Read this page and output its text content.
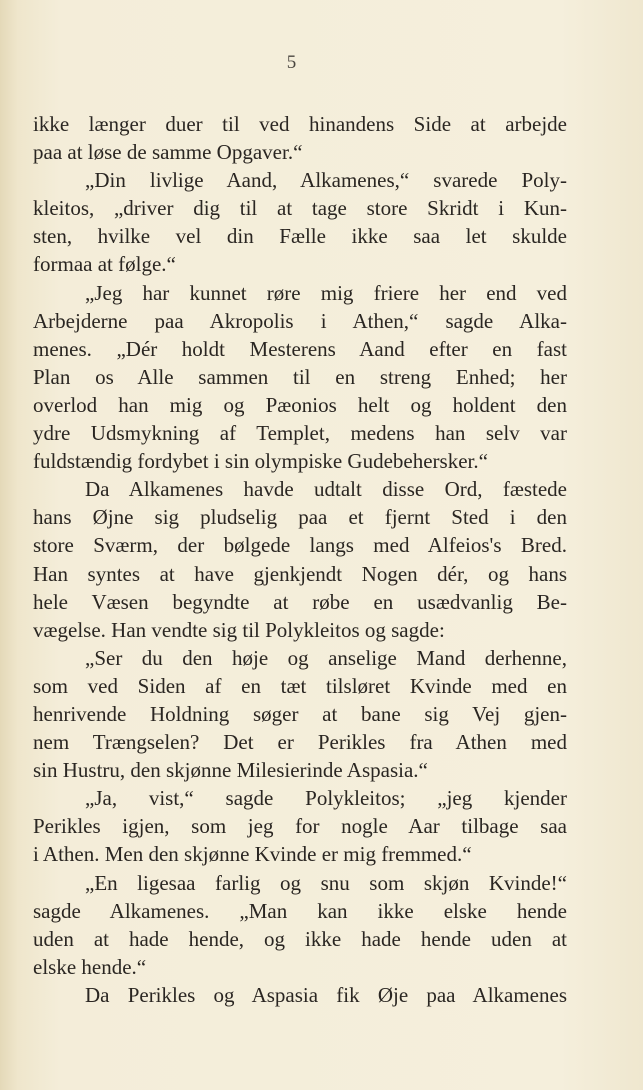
5
ikke længer duer til ved hinandens Side at arbejde
paa at løse de samme Opgaver.“
„Din livlige Aand, Alkamenes,“ svarede Poly-
kleitos, „driver dig til at tage store Skridt i Kun-
sten, hvilke vel din Fælle ikke saa let skulde
formaa at følge.“
„Jeg har kunnet røre mig friere her end ved
Arbejderne paa Akropolis i Athen,“ sagde Alka-
menes. „Dér holdt Mesterens Aand efter en fast
Plan os Alle sammen til en streng Enhed; her
overlod han mig og Pæonios helt og holdent den
ydre Udsmykning af Templet, medens han selv var
fuldstændig fordybet i sin olympiske Gudebehersker.“
Da Alkamenes havde udtalt disse Ord, fæstede
hans Øjne sig pludselig paa et fjernt Sted i den
store Sværm, der bølgede langs med Alfeios's Bred.
Han syntes at have gjenkjendt Nogen dér, og hans
hele Væsen begyndte at røbe en usædvanlig Be-
vægelse. Han vendte sig til Polykleitos og sagde:
„Ser du den høje og anselige Mand derhenne,
som ved Siden af en tæt tilsløret Kvinde med en
henrivende Holdning søger at bane sig Vej gjen-
nem Trængselen? Det er Perikles fra Athen med
sin Hustru, den skjønne Milesierinde Aspasia.“
„Ja, vist,“ sagde Polykleitos; „jeg kjender
Perikles igjen, som jeg for nogle Aar tilbage saa
i Athen. Men den skjønne Kvinde er mig fremmed.“
„En ligesaa farlig og snu som skjøn Kvinde!“
sagde Alkamenes. „Man kan ikke elske hende
uden at hade hende, og ikke hade hende uden at
elske hende.“
Da Perikles og Aspasia fik Øje paa Alkamenes
